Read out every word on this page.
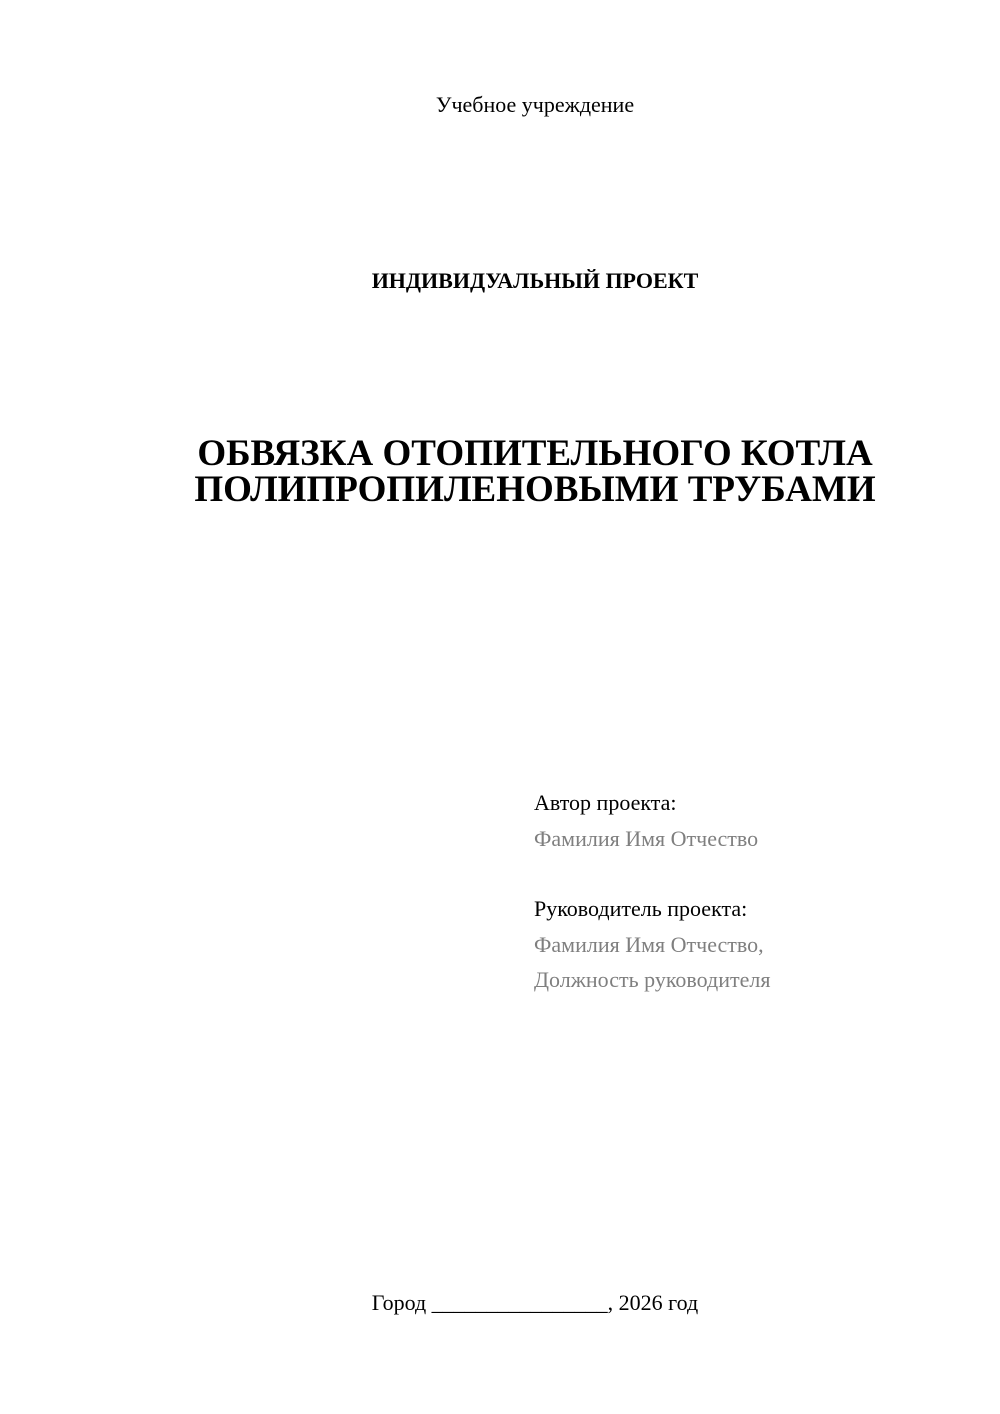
Учебное учреждение
ИНДИВИДУАЛЬНЫЙ ПРОЕКТ
ОБВЯЗКА ОТОПИТЕЛЬНОГО КОТЛА
ПОЛИПРОПИЛЕНОВЫМИ ТРУБАМИ
Автор проекта:
Фамилия Имя Отчество
Руководитель проекта:
Фамилия Имя Отчество,
Должность руководителя
Город ________________, 2026 год
